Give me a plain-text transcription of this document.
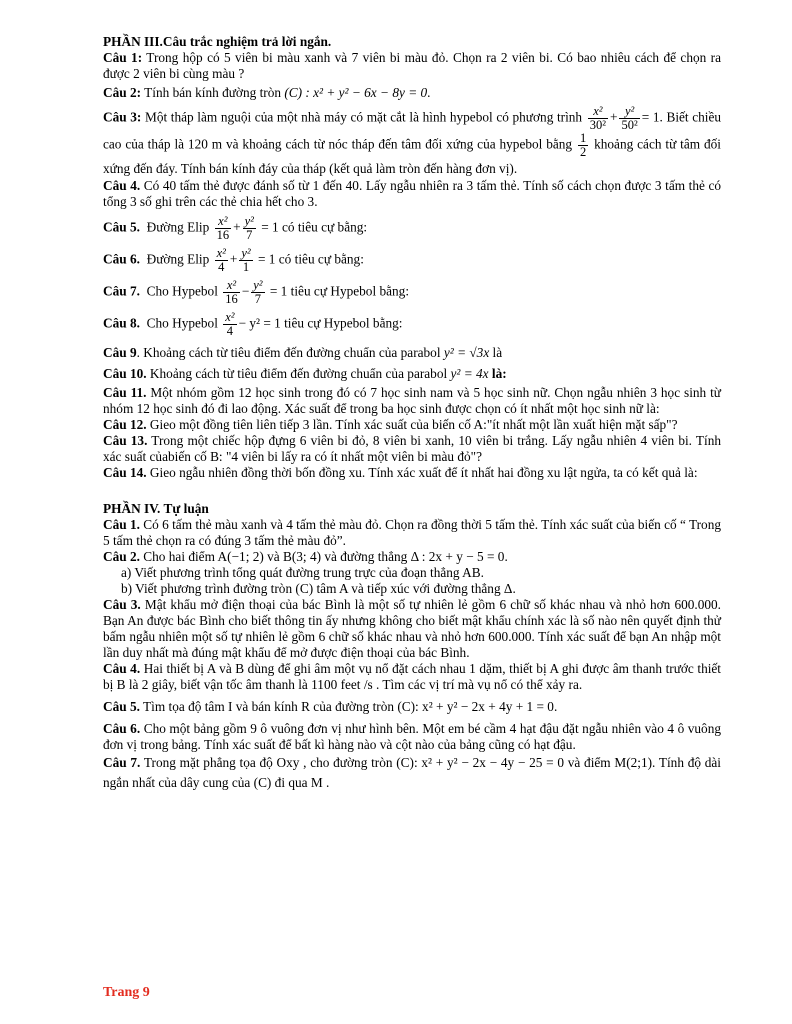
PHẦN III.Câu trắc nghiệm trả lời ngắn.

Câu 1: Trong hộp có 5 viên bi màu xanh và 7 viên bi màu đỏ. Chọn ra 2 viên bi. Có bao nhiêu cách để chọn ra được 2 viên bi cùng màu ?

Câu 2: Tính bán kính đường tròn (C) : x² + y² − 6x − 8y = 0.

Câu 3: Một tháp làm nguội của một nhà máy có mặt cắt là hình hypebol có phương trình $\frac{\text{x²}}{\text{30²}} + \frac{\text{y²}}{\text{50²}} = 1$. Biết chiều cao của tháp là 120 m và khoảng cách từ nóc tháp đến tâm đối xứng của hypebol bằng $\frac{1}{2}$ khoảng cách từ tâm đối xứng đến đáy. Tính bán kính đáy của tháp (kết quả làm tròn đến hàng đơn vị).

Câu 4. Có 40 tấm thẻ được đánh số từ 1 đến 40. Lấy ngẫu nhiên ra 3 tấm thẻ. Tính số cách chọn được 3 tấm thẻ có tổng 3 số ghi trên các thẻ chia hết cho 3.

Câu 5. Đường Elip $\frac{\text{x²}}{16} + \frac{\text{y²}}{7} = 1$ có tiêu cự bằng:

Câu 6. Đường Elip $\frac{\text{x²}}{4} + \frac{\text{y²}}{1} = 1$ có tiêu cự bằng:

Câu 7. Cho Hypebol $\frac{\text{x²}}{16} - \frac{\text{y²}}{7} = 1$ tiêu cự Hypebol bằng:

Câu 8. Cho Hypebol $\frac{\text{x²}}{4} - y^2 = 1$ tiêu cự Hypebol bằng:

Câu 9. Khoảng cách từ tiêu điểm đến đường chuẩn của parabol y² = √3x là

Câu 10. Khoảng cách từ tiêu điểm đến đường chuẩn của parabol y² = 4x là:

Câu 11. Một nhóm gồm 12 học sinh trong đó có 7 học sinh nam và 5 học sinh nữ. Chọn ngẫu nhiên 3 học sinh từ nhóm 12 học sinh đó đi lao động. Xác suất để trong ba học sinh được chọn có ít nhất một học sinh nữ là:

Câu 12. Gieo một đồng tiên liên tiếp 3 lần. Tính xác suất của biến cố A:"ít nhất một lần xuất hiện mặt sấp"?

Câu 13. Trong một chiếc hộp đựng 6 viên bi đỏ, 8 viên bi xanh, 10 viên bi trắng. Lấy ngẫu nhiên 4 viên bi. Tính xác suất củabiến cố B: "4 viên bi lấy ra có ít nhất một viên bi màu đỏ"?

Câu 14. Gieo ngẫu nhiên đồng thời bốn đồng xu. Tính xác xuất để ít nhất hai đồng xu lật ngửa, ta có kết quả là:

PHẦN IV. Tự luận

Câu 1. Có 6 tấm thẻ màu xanh và 4 tấm thẻ màu đỏ. Chọn ra đồng thời 5 tấm thẻ. Tính xác suất của biến cố “ Trong 5 tấm thẻ chọn ra có đúng 3 tấm thẻ màu đỏ”.

Câu 2. Cho hai điểm A(−1; 2) và B(3; 4) và đường thẳng Δ : 2x + y − 5 = 0.

a) Viết phương trình tổng quát đường trung trực của đoạn thẳng AB.

b) Viết phương trình đường tròn (C) tâm A và tiếp xúc với đường thẳng Δ.

Câu 3. Mật khẩu mở điện thoại của bác Bình là một số tự nhiên lẻ gồm 6 chữ số khác nhau và nhỏ hơn 600.000. Bạn An được bác Bình cho biết thông tin ấy nhưng không cho biết mật khẩu chính xác là số nào nên quyết định thử bấm ngẫu nhiên một số tự nhiên lẻ gồm 6 chữ số khác nhau và nhỏ hơn 600.000. Tính xác suất để bạn An nhập một lần duy nhất mà đúng mật khẩu để mở được điện thoại của bác Bình.

Câu 4. Hai thiết bị A và B dùng để ghi âm một vụ nổ đặt cách nhau 1 dặm, thiết bị A ghi được âm thanh trước thiết bị B là 2 giây, biết vận tốc âm thanh là 1100 feet /s . Tìm các vị trí mà vụ nổ có thể xảy ra.

Câu 5. Tìm tọa độ tâm I và bán kính R của đường tròn (C): x² + y² − 2x + 4y + 1 = 0.

Câu 6. Cho một bảng gồm 9 ô vuông đơn vị như hình bên. Một em bé cầm 4 hạt đậu đặt ngẫu nhiên vào 4 ô vuông đơn vị trong bảng. Tính xác suất để bất kì hàng nào và cột nào của bảng cũng có hạt đậu.

Câu 7. Trong mặt phẳng tọa độ Oxy , cho đường tròn (C): x² + y² − 2x − 4y − 25 = 0 và điểm M(2;1). Tính độ dài ngắn nhất của dây cung của (C) đi qua M .

Trang 9
